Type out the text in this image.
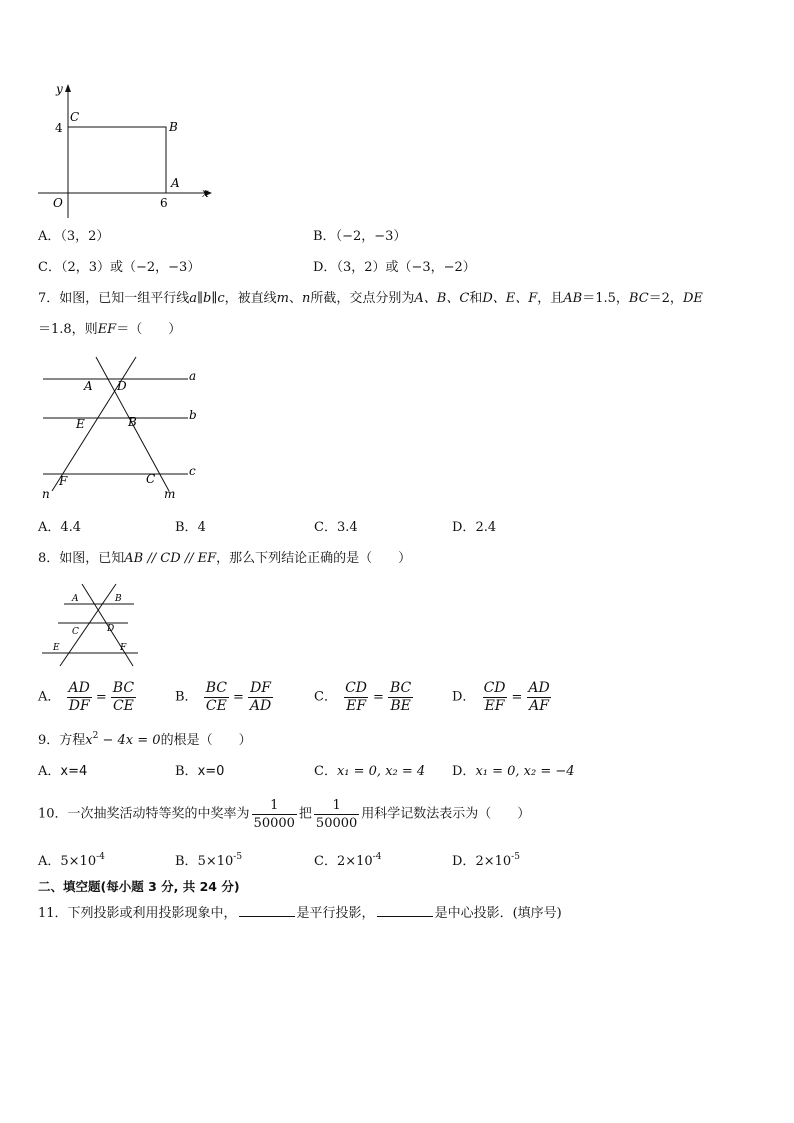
y
x
C
B
A
O
4
6
A．（3，2）	B．（−2，−3）
C．（2，3）或（−2，−3）	D．（3，2）或（−3，−2）
7．如图，已知一组平行线a∥b∥c，被直线m、n所截，交点分别为A、B、C和D、E、F，且AB＝1.5，BC＝2，DE
＝1.8，则EF＝（　　）
a
b
c
A D
E	B
F	C
n	m
A．4.4	B．4	C．3.4	D．2.4
8．如图，已知AB // CD // EF，那么下列结论正确的是（　　）
A	B
C	D
E	F
A． $\frac{AD}{DF} = \frac{BC}{CE}$	B． $\frac{BC}{CE} = \frac{DF}{AD}$	C． $\frac{CD}{EF} = \frac{BC}{BE}$	D． $\frac{CD}{EF} = \frac{AD}{AF}$
9．方程$x^2 - 4x = 0$的根是（　　）
A．x=4	B．x=0	C．x₁ = 0, x₂ = 4 D．x₁ = 0, x₂ = −4
10．一次抽奖活动特等奖的中奖率为 $\frac{1}{50000}$ 把 $\frac{1}{50000}$ 用科学记数法表示为（　　）
A．$5\times 10^{-4}$	B．$5\times 10^{-5}$	C．$2\times 10^{-4}$	D．$2\times 10^{-5}$
二、填空题(每小题 3 分, 共 24 分)
11．下列投影或利用投影现象中，	是平行投影，	是中心投影．(填序号)
